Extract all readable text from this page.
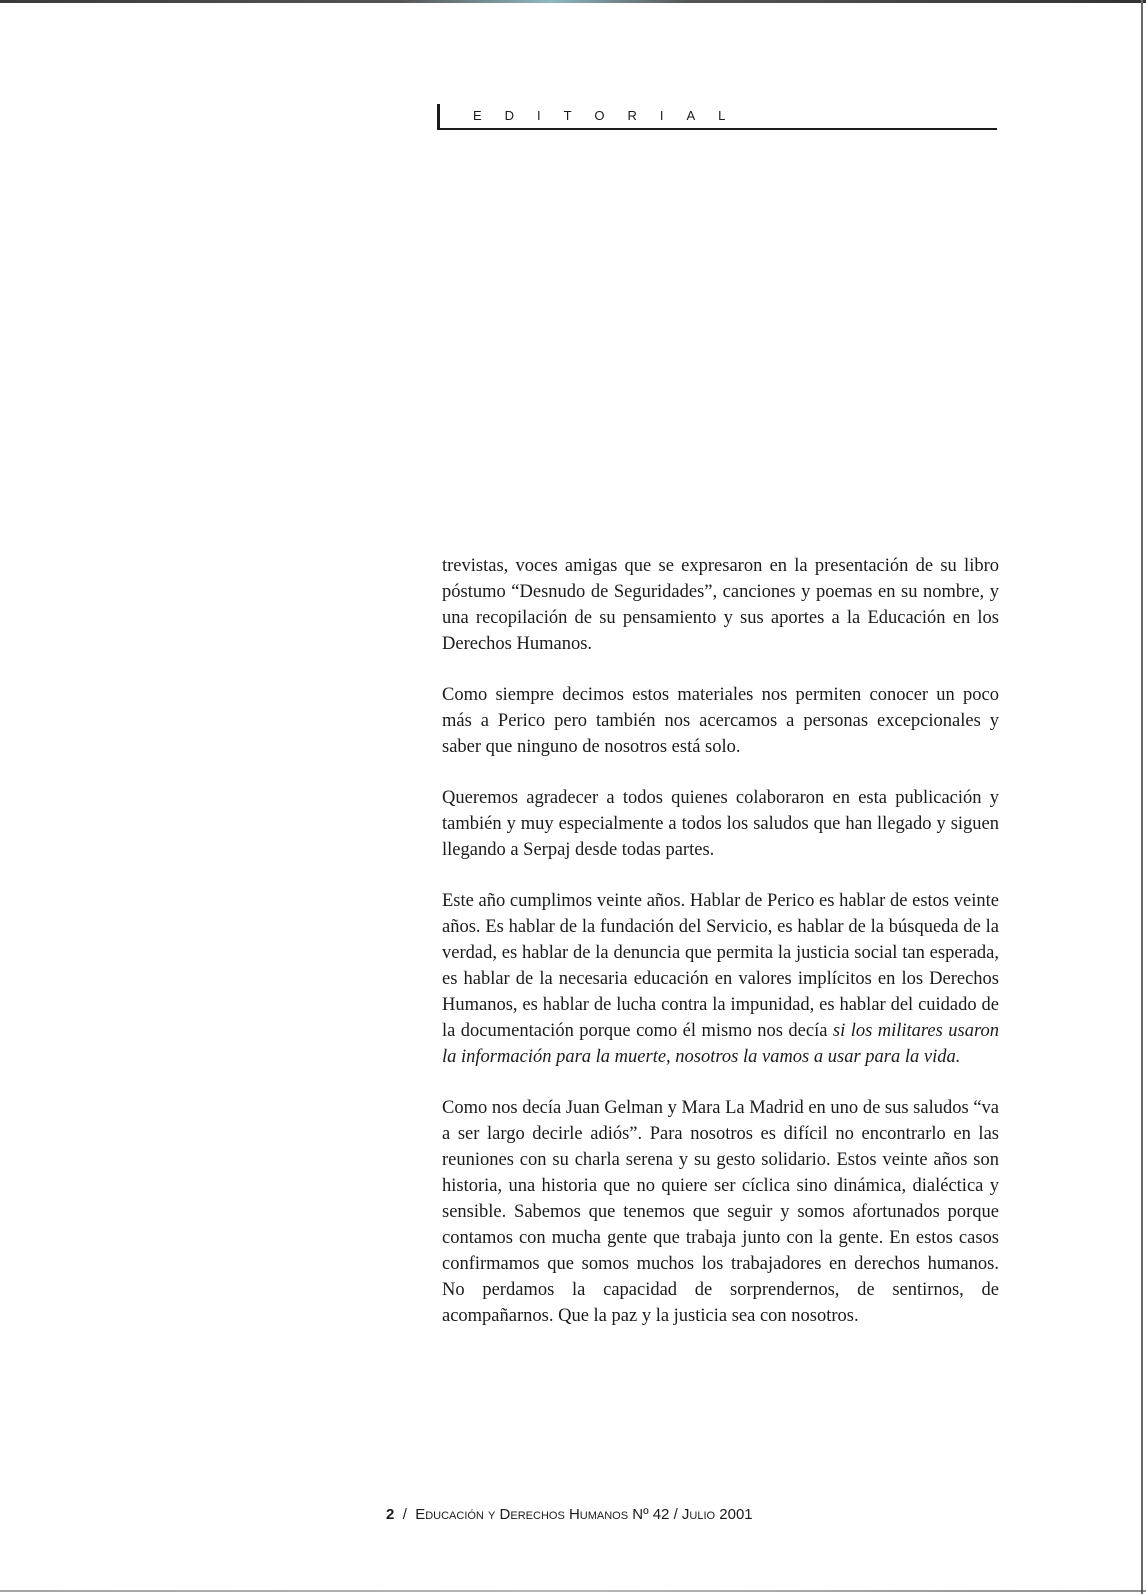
EDITORIAL

trevistas, voces amigas que se expresaron en la presentación de su libro póstumo “Desnudo de Seguridades”, canciones y poemas en su nombre, y una recopilación de su pensamiento y sus aportes a la Educación en los Derechos Humanos.

Como siempre decimos estos materiales nos permiten conocer un poco más a Perico pero también nos acercamos a personas excepcionales y saber que ninguno de nosotros está solo.

Queremos agradecer a todos quienes colaboraron en esta publicación y también y muy especialmente a todos los saludos que han llegado y siguen llegando a Serpaj desde todas partes.

Este año cumplimos veinte años. Hablar de Perico es hablar de estos veinte años. Es hablar de la fundación del Servicio, es hablar de la búsqueda de la verdad, es hablar de la denuncia que permita la justicia social tan esperada, es hablar de la necesaria educación en valores implícitos en los Derechos Humanos, es hablar de lucha contra la impunidad, es hablar del cuidado de la documentación porque como él mismo nos decía si los militares usaron la información para la muerte, nosotros la vamos a usar para la vida.

Como nos decía Juan Gelman y Mara La Madrid en uno de sus saludos “va a ser largo decirle adiós”. Para nosotros es difícil no encontrarlo en las reuniones con su charla serena y su gesto solidario. Estos veinte años son historia, una historia que no quiere ser cíclica sino dinámica, dialéctica y sensible. Sabemos que tenemos que seguir y somos afortunados porque contamos con mucha gente que trabaja junto con la gente. En estos casos confirmamos que somos muchos los trabajadores en derechos humanos. No perdamos la capacidad de sorprendernos, de sentirnos, de acompañarnos. Que la paz y la justicia sea con nosotros.

2 / Educación y Derechos Humanos Nº 42 / Julio 2001
